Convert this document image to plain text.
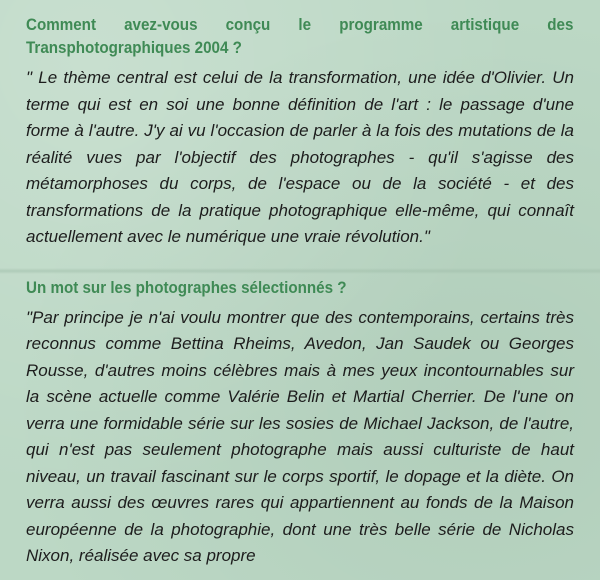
Comment avez-vous conçu le programme artistique des Transphotographiques 2004 ?

" Le thème central est celui de la transformation, une idée d'Olivier. Un terme qui est en soi une bonne définition de l'art : le passage d'une forme à l'autre. J'y ai vu l'occasion de parler à la fois des mutations de la réalité vues par l'objectif des photographes - qu'il s'agisse des métamorphoses du corps, de l'espace ou de la société - et des transformations de la pratique photographique elle-même, qui connaît actuellement avec le numérique une vraie révolution."

Un mot sur les photographes sélectionnés ?

"Par principe je n'ai voulu montrer que des contemporains, certains très reconnus comme Bettina Rheims, Avedon, Jan Saudek ou Georges Rousse, d'autres moins célèbres mais à mes yeux incontournables sur la scène actuelle comme Valérie Belin et Martial Cherrier. De l'une on verra une formidable série sur les sosies de Michael Jackson, de l'autre, qui n'est pas seulement photographe mais aussi culturiste de haut niveau, un travail fascinant sur le corps sportif, le dopage et la diète. On verra aussi des œuvres rares qui appartiennent au fonds de la Maison européenne de la photographie, dont une très belle série de Nicholas Nixon, réalisée avec sa propre
